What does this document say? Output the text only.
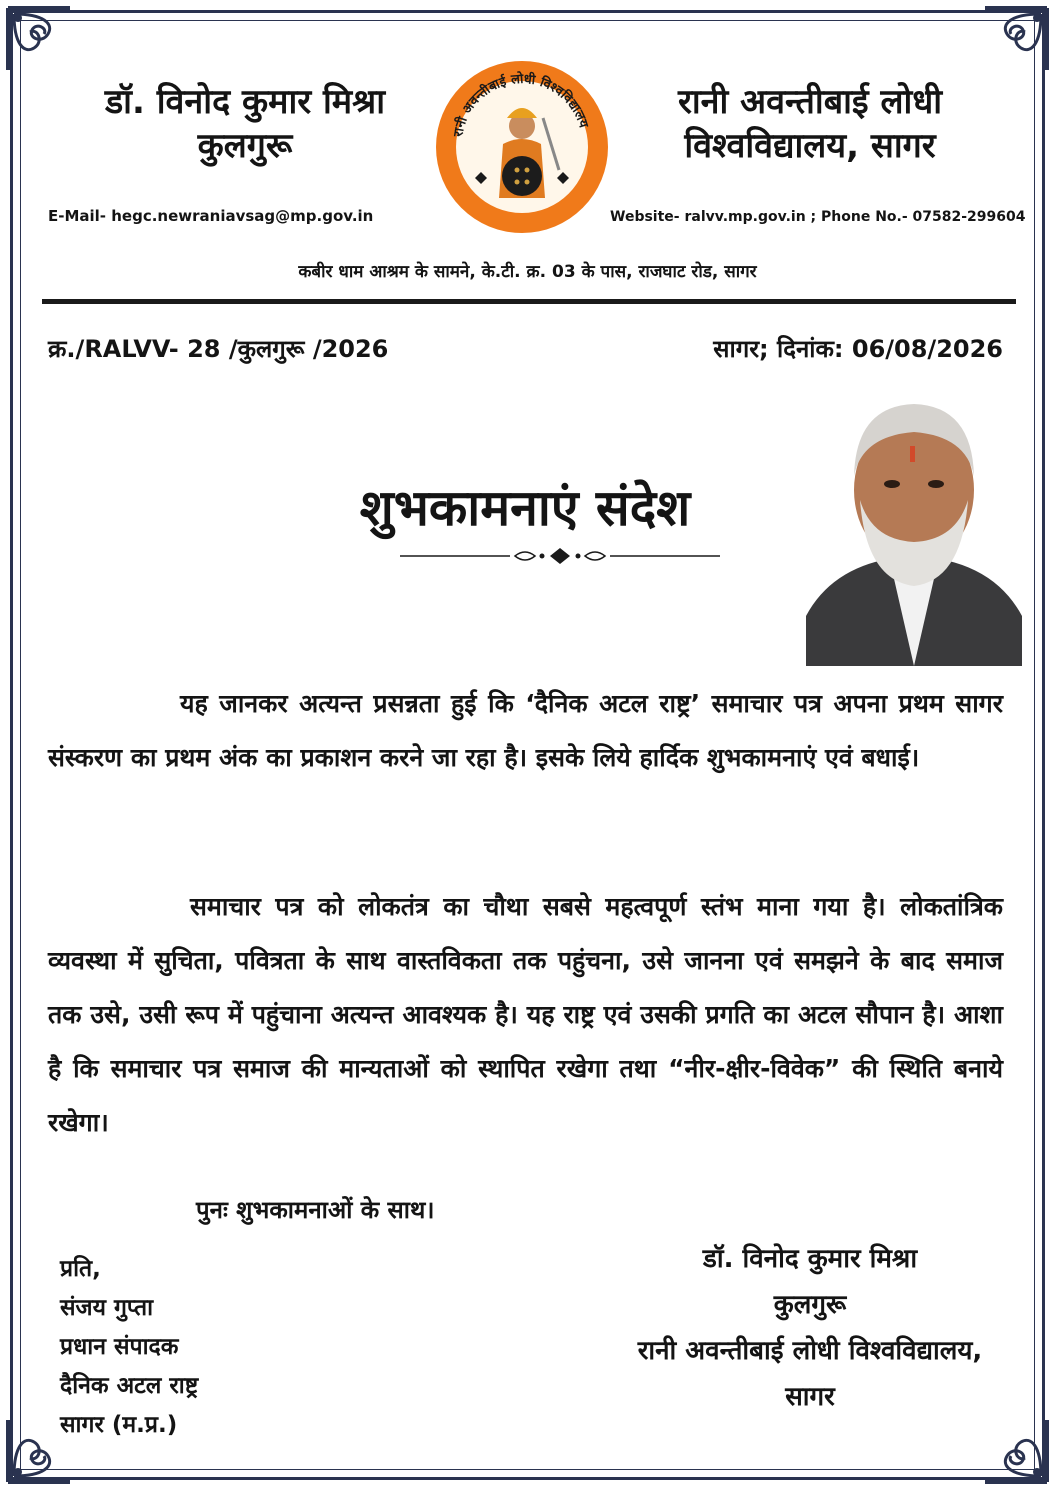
डॉ. विनोद कुमार मिश्रा
कुलगुरू
E-Mail- hegc.newraniavsag@mp.gov.in
रानी अवन्तीबाई लोधी विश्वविद्यालय
रानी अवन्तीबाई लोधी
विश्वविद्यालय, सागर
Website- ralvv.mp.gov.in ; Phone No.- 07582-299604
कबीर धाम आश्रम के सामने, के.टी. क्र. 03 के पास, राजघाट रोड, सागर
क्र./RALVV- 28 /कुलगुरू /2026	सागर; दिनांक: 06/08/2026
शुभकामनाएं संदेश
यह जानकर अत्यन्त प्रसन्नता हुई कि ‘दैनिक अटल राष्ट्र’ समाचार पत्र अपना प्रथम सागर संस्करण का प्रथम अंक का प्रकाशन करने जा रहा है। इसके लिये हार्दिक शुभकामनाएं एवं बधाई।
समाचार पत्र को लोकतंत्र का चौथा सबसे महत्वपूर्ण स्तंभ माना गया है। लोकतांत्रिक व्यवस्था में सुचिता, पवित्रता के साथ वास्तविकता तक पहुंचना, उसे जानना एवं समझने के बाद समाज तक उसे, उसी रूप में पहुंचाना अत्यन्त आवश्यक है। यह राष्ट्र एवं उसकी प्रगति का अटल सौपान है। आशा है कि समाचार पत्र समाज की मान्यताओं को स्थापित रखेगा तथा “नीर-क्षीर-विवेक” की स्थिति बनाये रखेगा।
पुनः शुभकामनाओं के साथ।
प्रति,
संजय गुप्ता
प्रधान संपादक
दैनिक अटल राष्ट्र
सागर (म.प्र.)
डॉ. विनोद कुमार मिश्रा
कुलगुरू
रानी अवन्तीबाई लोधी विश्वविद्यालय,
सागर
